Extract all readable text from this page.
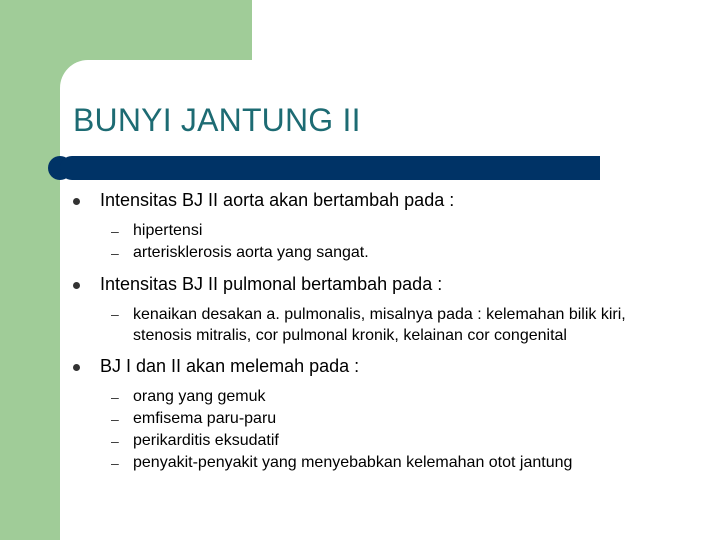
BUNYI JANTUNG II
Intensitas BJ II aorta akan bertambah pada :
– hipertensi
– arterisklerosis aorta yang sangat.
Intensitas BJ II pulmonal bertambah pada :
– kenaikan desakan a. pulmonalis, misalnya pada : kelemahan bilik kiri, stenosis mitralis, cor pulmonal kronik, kelainan cor congenital
BJ I dan II akan melemah pada :
– orang yang gemuk
– emfisema paru-paru
– perikarditis eksudatif
– penyakit-penyakit yang menyebabkan kelemahan otot jantung
